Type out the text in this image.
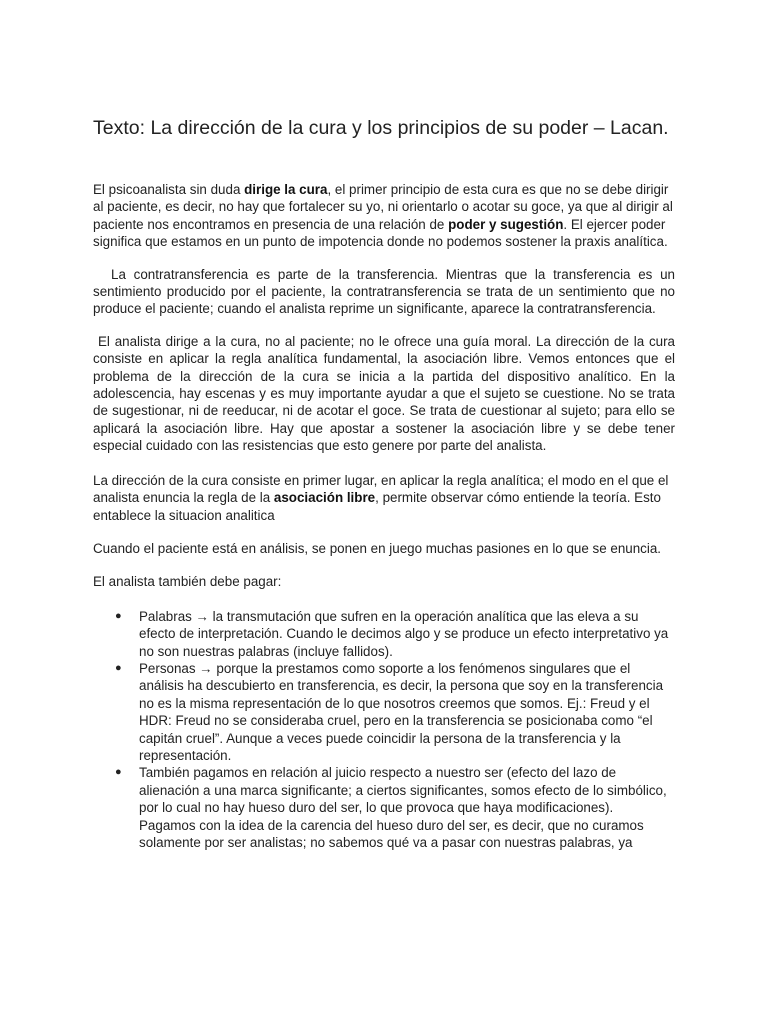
Texto: La dirección de la cura y los principios de su poder – Lacan.

El psicoanalista sin duda dirige la cura, el primer principio de esta cura es que no se debe dirigir al paciente, es decir, no hay que fortalecer su yo, ni orientarlo o acotar su goce, ya que al dirigir al paciente nos encontramos en presencia de una relación de poder y sugestión. El ejercer poder significa que estamos en un punto de impotencia donde no podemos sostener la praxis analítica.

La contratransferencia es parte de la transferencia. Mientras que la transferencia es un sentimiento producido por el paciente, la contratransferencia se trata de un sentimiento que no produce el paciente; cuando el analista reprime un significante, aparece la contratransferencia.

El analista dirige a la cura, no al paciente; no le ofrece una guía moral. La dirección de la cura consiste en aplicar la regla analítica fundamental, la asociación libre. Vemos entonces que el problema de la dirección de la cura se inicia a la partida del dispositivo analítico. En la adolescencia, hay escenas y es muy importante ayudar a que el sujeto se cuestione. No se trata de sugestionar, ni de reeducar, ni de acotar el goce. Se trata de cuestionar al sujeto; para ello se aplicará la asociación libre. Hay que apostar a sostener la asociación libre y se debe tener especial cuidado con las resistencias que esto genere por parte del analista.

La dirección de la cura consiste en primer lugar, en aplicar la regla analítica; el modo en el que el analista enuncia la regla de la asociación libre, permite observar cómo entiende la teoría. Esto entablece la situacion analitica

Cuando el paciente está en análisis, se ponen en juego muchas pasiones en lo que se enuncia.

El analista también debe pagar:

● Palabras → la transmutación que sufren en la operación analítica que las eleva a su efecto de interpretación. Cuando le decimos algo y se produce un efecto interpretativo ya no son nuestras palabras (incluye fallidos).
● Personas → porque la prestamos como soporte a los fenómenos singulares que el análisis ha descubierto en transferencia, es decir, la persona que soy en la transferencia no es la misma representación de lo que nosotros creemos que somos. Ej.: Freud y el HDR: Freud no se consideraba cruel, pero en la transferencia se posicionaba como “el capitán cruel”. Aunque a veces puede coincidir la persona de la transferencia y la representación.
● También pagamos en relación al juicio respecto a nuestro ser (efecto del lazo de alienación a una marca significante; a ciertos significantes, somos efecto de lo simbólico, por lo cual no hay hueso duro del ser, lo que provoca que haya modificaciones).
Pagamos con la idea de la carencia del hueso duro del ser, es decir, que no curamos solamente por ser analistas; no sabemos qué va a pasar con nuestras palabras, ya
